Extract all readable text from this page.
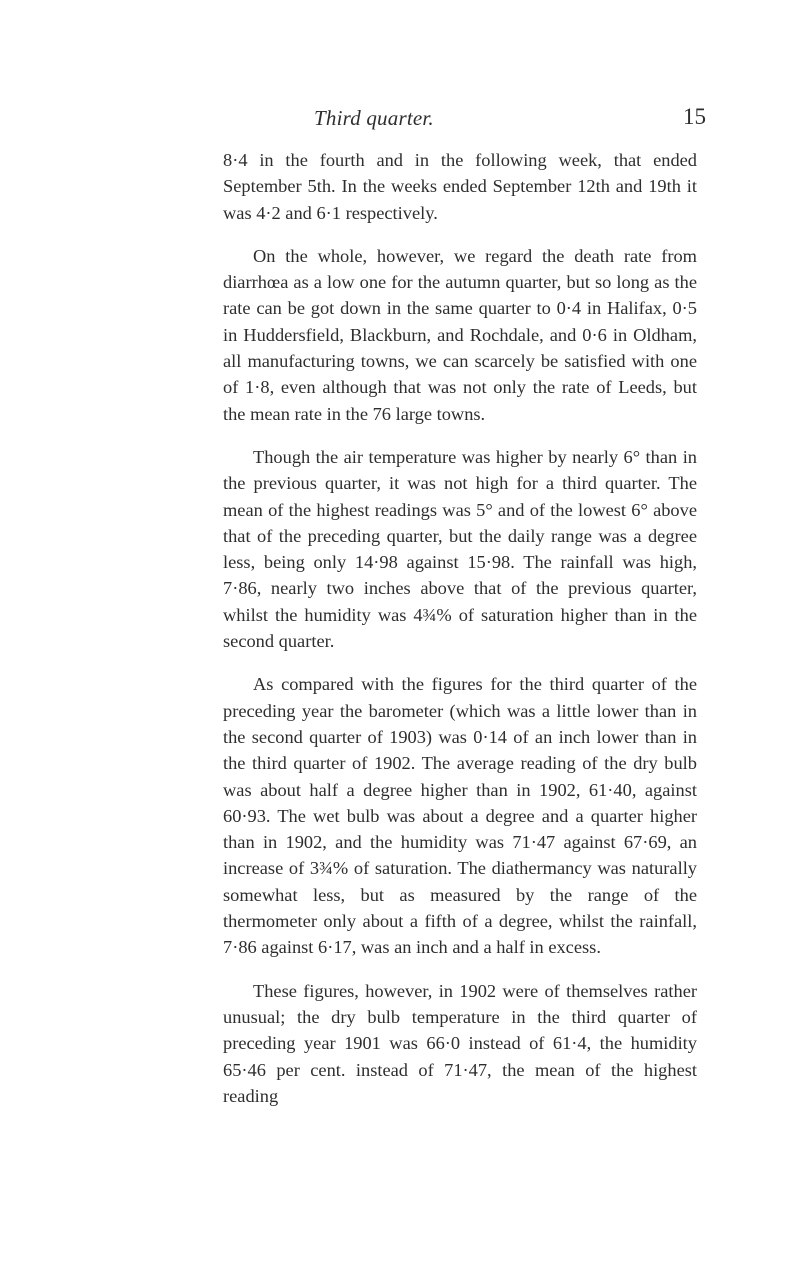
Third quarter.	15

8·4 in the fourth and in the following week, that ended September 5th. In the weeks ended September 12th and 19th it was 4·2 and 6·1 respectively.

On the whole, however, we regard the death rate from diarrhœa as a low one for the autumn quarter, but so long as the rate can be got down in the same quarter to 0·4 in Halifax, 0·5 in Huddersfield, Blackburn, and Rochdale, and 0·6 in Oldham, all manufacturing towns, we can scarcely be satisfied with one of 1·8, even although that was not only the rate of Leeds, but the mean rate in the 76 large towns.

Though the air temperature was higher by nearly 6° than in the previous quarter, it was not high for a third quarter. The mean of the highest readings was 5° and of the lowest 6° above that of the preceding quarter, but the daily range was a degree less, being only 14·98 against 15·98. The rainfall was high, 7·86, nearly two inches above that of the previous quarter, whilst the humidity was 4¾% of saturation higher than in the second quarter.

As compared with the figures for the third quarter of the preceding year the barometer (which was a little lower than in the second quarter of 1903) was 0·14 of an inch lower than in the third quarter of 1902. The average reading of the dry bulb was about half a degree higher than in 1902, 61·40, against 60·93. The wet bulb was about a degree and a quarter higher than in 1902, and the humidity was 71·47 against 67·69, an increase of 3¾% of saturation. The diathermancy was naturally somewhat less, but as measured by the range of the thermometer only about a fifth of a degree, whilst the rainfall, 7·86 against 6·17, was an inch and a half in excess.

These figures, however, in 1902 were of themselves rather unusual; the dry bulb temperature in the third quarter of preceding year 1901 was 66·0 instead of 61·4, the humidity 65·46 per cent. instead of 71·47, the mean of the highest reading
